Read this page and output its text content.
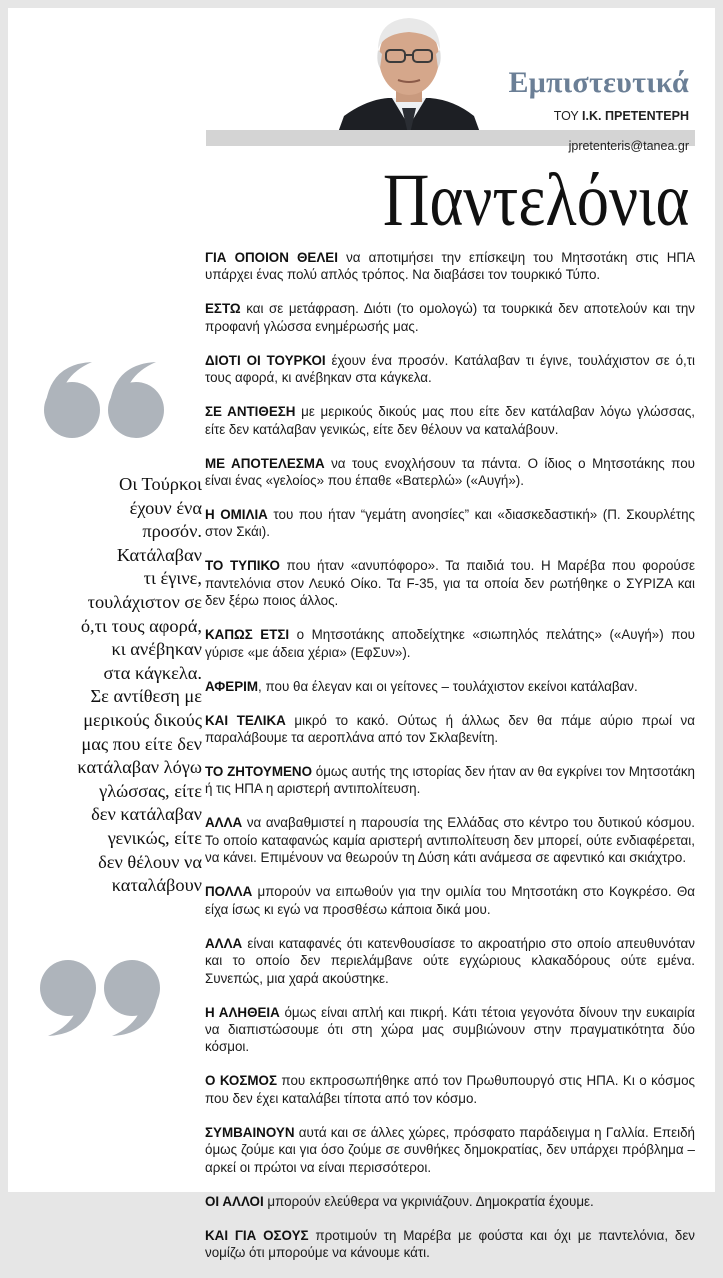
Εμπιστευτικά
ΤΟΥ Ι.Κ. ΠΡΕΤΕΝΤΕΡΗ
jpretenteris@tanea.gr
Παντελόνια
Οι Τούρκοι
έχουν ένα
προσόν.
Κατάλαβαν
τι έγινε,
τουλάχιστον σε
ό,τι τους αφορά,
κι ανέβηκαν
στα κάγκελα.
Σε αντίθεση με
μερικούς δικούς
μας που είτε δεν
κατάλαβαν λόγω
γλώσσας, είτε
δεν κατάλαβαν
γενικώς, είτε
δεν θέλουν να
καταλάβουν

ΓΙΑ ΟΠΟΙΟΝ ΘΕΛΕΙ να αποτιμήσει την επίσκεψη του Μητσοτάκη στις ΗΠΑ υπάρχει ένας πολύ απλός τρόπος. Να διαβάσει τον τουρκικό Τύπο.

ΕΣΤΩ και σε μετάφραση. Διότι (το ομολογώ) τα τουρκικά δεν αποτελούν και την προφανή γλώσσα ενημέρωσής μας.

ΔΙΟΤΙ ΟΙ ΤΟΥΡΚΟΙ έχουν ένα προσόν. Κατάλαβαν τι έγινε, τουλάχιστον σε ό,τι τους αφορά, κι ανέβηκαν στα κάγκελα.

ΣΕ ΑΝΤΙΘΕΣΗ με μερικούς δικούς μας που είτε δεν κατάλαβαν λόγω γλώσσας, είτε δεν κατάλαβαν γενικώς, είτε δεν θέλουν να καταλάβουν.

ΜΕ ΑΠΟΤΕΛΕΣΜΑ να τους ενοχλήσουν τα πάντα. Ο ίδιος ο Μητσοτάκης που είναι ένας «γελοίος» που έπαθε «Βατερλώ» («Αυγή»).

Η ΟΜΙΛΙΑ του που ήταν “γεμάτη ανοησίες” και «διασκεδαστική» (Π. Σκουρλέτης στον Σκάι).

ΤΟ ΤΥΠΙΚΟ που ήταν «ανυπόφορο». Τα παιδιά του. Η Μαρέβα που φορούσε παντελόνια στον Λευκό Οίκο. Τα F-35, για τα οποία δεν ρωτήθηκε ο ΣΥΡΙΖΑ και δεν ξέρω ποιος άλλος.

ΚΑΠΩΣ ΕΤΣΙ ο Μητσοτάκης αποδείχτηκε «σιωπηλός πελάτης» («Αυγή») που γύρισε «με άδεια χέρια» (ΕφΣυν»).

ΑΦΕΡΙΜ, που θα έλεγαν και οι γείτονες – τουλάχιστον εκείνοι κατάλαβαν.

ΚΑΙ ΤΕΛΙΚΑ μικρό το κακό. Ούτως ή άλλως δεν θα πάμε αύριο πρωί να παραλάβουμε τα αεροπλάνα από τον Σκλαβενίτη.

ΤΟ ΖΗΤΟΥΜΕΝΟ όμως αυτής της ιστορίας δεν ήταν αν θα εγκρίνει τον Μητσοτάκη ή τις ΗΠΑ η αριστερή αντιπολίτευση.

ΑΛΛΑ να αναβαθμιστεί η παρουσία της Ελλάδας στο κέντρο του δυτικού κόσμου. Το οποίο καταφανώς καμία αριστερή αντιπολίτευση δεν μπορεί, ούτε ενδιαφέρεται, να κάνει. Επιμένουν να θεωρούν τη Δύση κάτι ανάμεσα σε αφεντικό και σκιάχτρο.

ΠΟΛΛΑ μπορούν να ειπωθούν για την ομιλία του Μητσοτάκη στο Κογκρέσο. Θα είχα ίσως κι εγώ να προσθέσω κάποια δικά μου.

ΑΛΛΑ είναι καταφανές ότι κατενθουσίασε το ακροατήριο στο οποίο απευθυνόταν και το οποίο δεν περιελάμβανε ούτε εγχώριους κλακαδόρους ούτε εμένα. Συνεπώς, μια χαρά ακούστηκε.

Η ΑΛΗΘΕΙΑ όμως είναι απλή και πικρή. Κάτι τέτοια γεγονότα δίνουν την ευκαιρία να διαπιστώσουμε ότι στη χώρα μας συμβιώνουν στην πραγματικότητα δύο κόσμοι.

Ο ΚΟΣΜΟΣ που εκπροσωπήθηκε από τον Πρωθυπουργό στις ΗΠΑ. Κι ο κόσμος που δεν έχει καταλάβει τίποτα από τον κόσμο.

ΣΥΜΒΑΙΝΟΥΝ αυτά και σε άλλες χώρες, πρόσφατο παράδειγμα η Γαλλία. Επειδή όμως ζούμε και για όσο ζούμε σε συνθήκες δημοκρατίας, δεν υπάρχει πρόβλημα – αρκεί οι πρώτοι να είναι περισσότεροι.

ΟΙ ΑΛΛΟΙ μπορούν ελεύθερα να γκρινιάζουν. Δημοκρατία έχουμε.

ΚΑΙ ΓΙΑ ΟΣΟΥΣ προτιμούν τη Μαρέβα με φούστα και όχι με παντελόνια, δεν νομίζω ότι μπορούμε να κάνουμε κάτι.
